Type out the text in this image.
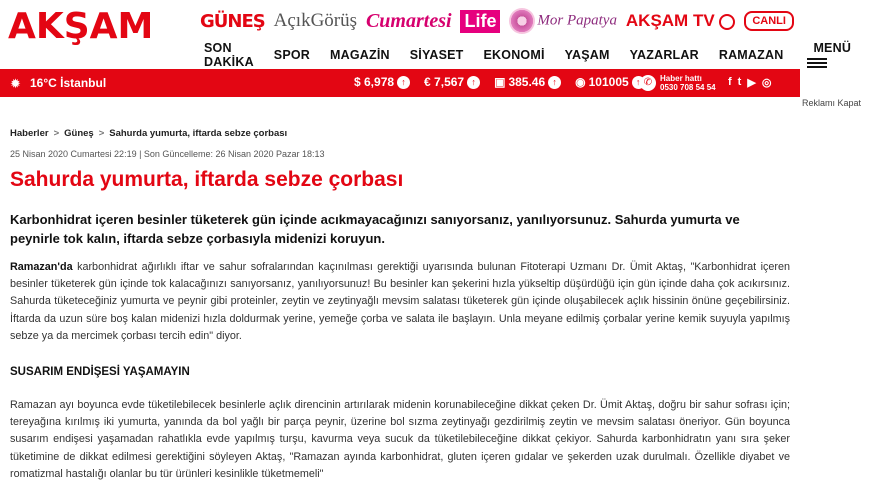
AKŞAM	GÜNEŞ AçıkGörüş Cumartesi Life	Mor Papatya AKŞAM TV	CANLI
SON DAKİKA	SPOR	MAGAZİN	SİYASET	EKONOMİ	YAŞAM	YAZARLAR	RAMAZAN	MENÜ
✹ 16°C İstanbul	$ 6,978 ↑	€ 7,567 ↑	▣ 385.46 ↑	◉ 101005 ↑ ✆ Haber hattı
0530 708 54 54 f t ▶ ◎
Reklamı Kapat
Haberler > Güneş > Sahurda yumurta, iftarda sebze çorbası
25 Nisan 2020 Cumartesi 22:19 | Son Güncelleme: 26 Nisan 2020 Pazar 18:13
Sahurda yumurta, iftarda sebze çorbası

Karbonhidrat içeren besinler tüketerek gün içinde acıkmayacağınızı sanıyorsanız, yanılıyorsunuz. Sahurda yumurta ve peynirle tok kalın, iftarda sebze çorbasıyla midenizi koruyun.

Ramazan'da karbonhidrat ağırlıklı iftar ve sahur sofralarından kaçınılması gerektiği uyarısında bulunan Fitoterapi Uzmanı Dr. Ümit Aktaş, "Karbonhidrat içeren besinler tüketerek gün içinde tok kalacağınızı sanıyorsanız, yanılıyorsunuz! Bu besinler kan şekerini hızla yükseltip düşürdüğü için gün içinde daha çok acıkırsınız. Sahurda tüketeceğiniz yumurta ve peynir gibi proteinler, zeytin ve zeytinyağlı mevsim salatası tüketerek gün içinde oluşabilecek açlık hissinin önüne geçebilirsiniz. İftarda da uzun süre boş kalan midenizi hızla doldurmak yerine, yemeğe çorba ve salata ile başlayın. Unla meyane edilmiş çorbalar yerine kemik suyuyla yapılmış sebze ya da mercimek çorbası tercih edin" diyor.

SUSARIM ENDİŞESİ YAŞAMAYIN

Ramazan ayı boyunca evde tüketilebilecek besinlerle açlık direncinin artırılarak midenin korunabileceğine dikkat çeken Dr. Ümit Aktaş, doğru bir sahur sofrası için; tereyağına kırılmış iki yumurta, yanında da bol yağlı bir parça peynir, üzerine bol sızma zeytinyağı gezdirilmiş zeytin ve mevsim salatası öneriyor. Gün boyunca susarım endişesi yaşamadan rahatlıkla evde yapılmış turşu, kavurma veya sucuk da tüketilebileceğine dikkat çekiyor. Sahurda karbonhidratın yanı sıra şeker tüketimine de dikkat edilmesi gerektiğini söyleyen Aktaş, "Ramazan ayında karbonhidrat, gluten içeren gıdalar ve şekerden uzak durulmalı. Özellikle diyabet ve romatizmal hastalığı olanlar bu tür ürünleri kesinlikle tüketmemeli"
